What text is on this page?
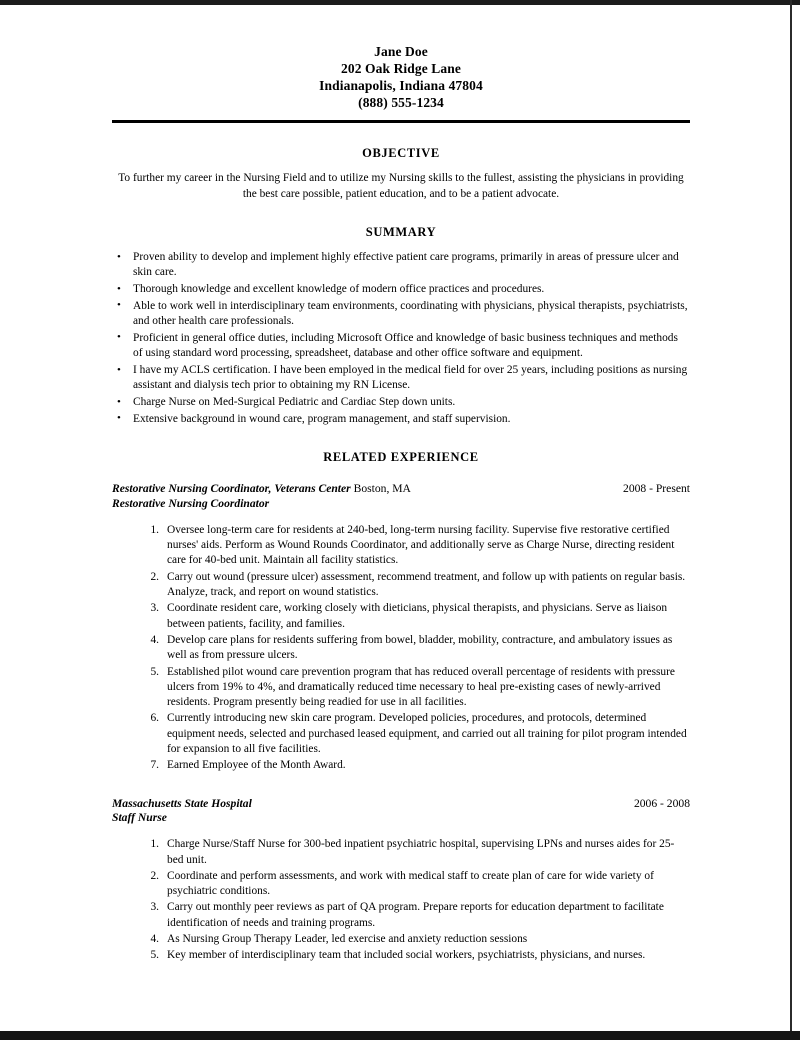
Jane Doe
202 Oak Ridge Lane
Indianapolis, Indiana 47804
(888) 555-1234
OBJECTIVE
To further my career in the Nursing Field and to utilize my Nursing skills to the fullest, assisting the physicians in providing the best care possible, patient education, and to be a patient advocate.
SUMMARY
• Proven ability to develop and implement highly effective patient care programs, primarily in areas of pressure ulcer and skin care.
• Thorough knowledge and excellent knowledge of modern office practices and procedures.
• Able to work well in interdisciplinary team environments, coordinating with physicians, physical therapists, psychiatrists, and other health care professionals.
• Proficient in general office duties, including Microsoft Office and knowledge of basic business techniques and methods of using standard word processing, spreadsheet, database and other office software and equipment.
• I have my ACLS certification. I have been employed in the medical field for over 25 years, including positions as nursing assistant and dialysis tech prior to obtaining my RN License.
• Charge Nurse on Med-Surgical Pediatric and Cardiac Step down units.
• Extensive background in wound care, program management, and staff supervision.
RELATED EXPERIENCE
Restorative Nursing Coordinator, Veterans Center Boston, MA	2008 - Present
Restorative Nursing Coordinator
1. Oversee long-term care for residents at 240-bed, long-term nursing facility. Supervise five restorative certified nurses' aids. Perform as Wound Rounds Coordinator, and additionally serve as Charge Nurse, directing resident care for 40-bed unit. Maintain all facility statistics.
2. Carry out wound (pressure ulcer) assessment, recommend treatment, and follow up with patients on regular basis. Analyze, track, and report on wound statistics.
3. Coordinate resident care, working closely with dieticians, physical therapists, and physicians. Serve as liaison between patients, facility, and families.
4. Develop care plans for residents suffering from bowel, bladder, mobility, contracture, and ambulatory issues as well as from pressure ulcers.
5. Established pilot wound care prevention program that has reduced overall percentage of residents with pressure ulcers from 19% to 4%, and dramatically reduced time necessary to heal pre-existing cases of newly-arrived residents. Program presently being readied for use in all facilities.
6. Currently introducing new skin care program. Developed policies, procedures, and protocols, determined equipment needs, selected and purchased leased equipment, and carried out all training for pilot program intended for expansion to all five facilities.
7. Earned Employee of the Month Award.
Massachusetts State Hospital	2006 - 2008
Staff Nurse
1. Charge Nurse/Staff Nurse for 300-bed inpatient psychiatric hospital, supervising LPNs and nurses aides for 25-bed unit.
2. Coordinate and perform assessments, and work with medical staff to create plan of care for wide variety of psychiatric conditions.
3. Carry out monthly peer reviews as part of QA program. Prepare reports for education department to facilitate identification of needs and training programs.
4. As Nursing Group Therapy Leader, led exercise and anxiety reduction sessions
5. Key member of interdisciplinary team that included social workers, psychiatrists, physicians, and nurses.
